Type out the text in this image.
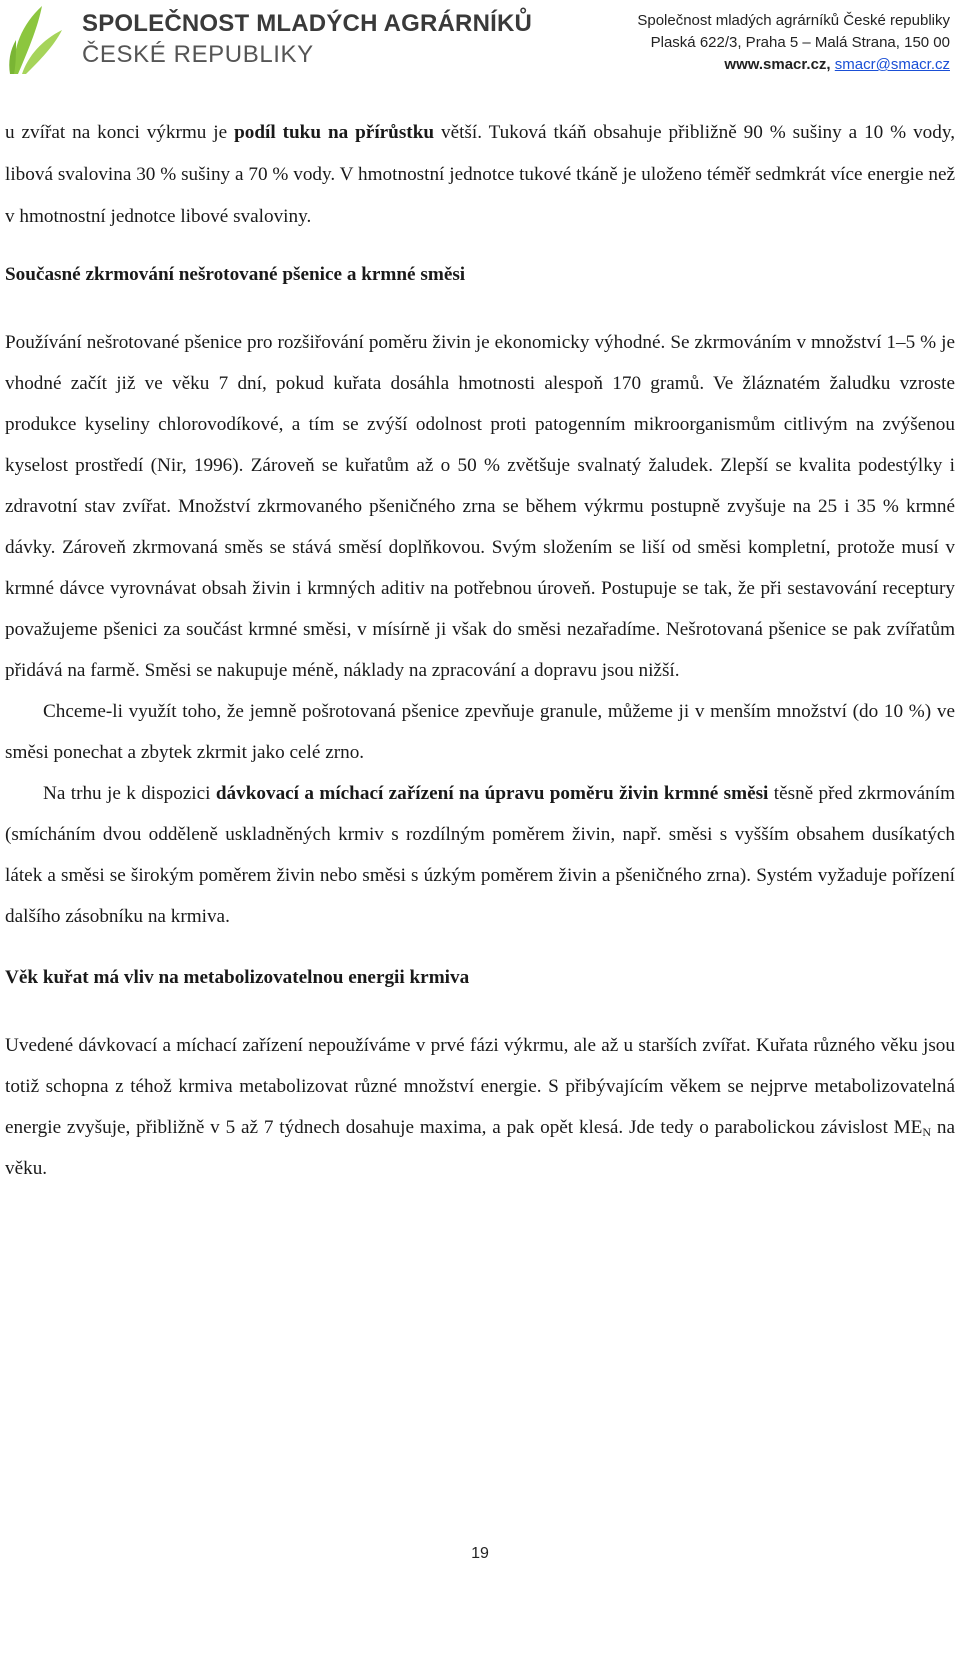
SPOLEČNOST MLADÝCH AGRÁRNÍKŮ
ČESKÉ REPUBLIKY
Společnost mladých agrárníků České republiky
Plaská 622/3, Praha 5 – Malá Strana, 150 00
www.smacr.cz, smacr@smacr.cz

u zvířat na konci výkrmu je podíl tuku na přírůstku větší. Tuková tkáň obsahuje přibližně 90 % sušiny a 10 % vody, libová svalovina 30 % sušiny a 70 % vody. V hmotnostní jednotce tukové tkáně je uloženo téměř sedmkrát více energie než v hmotnostní jednotce libové svaloviny.

Současné zkrmování nešrotované pšenice a krmné směsi

Používání nešrotované pšenice pro rozšiřování poměru živin je ekonomicky výhodné. Se zkrmováním v množství 1–5 % je vhodné začít již ve věku 7 dní, pokud kuřata dosáhla hmotnosti alespoň 170 gramů. Ve žláznatém žaludku vzroste produkce kyseliny chlorovodíkové, a tím se zvýší odolnost proti patogenním mikroorganismům citlivým na zvýšenou kyselost prostředí (Nir, 1996). Zároveň se kuřatům až o 50 % zvětšuje svalnatý žaludek. Zlepší se kvalita podestýlky i zdravotní stav zvířat. Množství zkrmovaného pšeničného zrna se během výkrmu postupně zvyšuje na 25 i 35 % krmné dávky. Zároveň zkrmovaná směs se stává směsí doplňkovou. Svým složením se liší od směsi kompletní, protože musí v krmné dávce vyrovnávat obsah živin i krmných aditiv na potřebnou úroveň. Postupuje se tak, že při sestavování receptury považujeme pšenici za součást krmné směsi, v mísírně ji však do směsi nezařadíme. Nešrotovaná pšenice se pak zvířatům přidává na farmě. Směsi se nakupuje méně, náklady na zpracování a dopravu jsou nižší.

Chceme-li využít toho, že jemně pošrotovaná pšenice zpevňuje granule, můžeme ji v menším množství (do 10 %) ve směsi ponechat a zbytek zkrmit jako celé zrno.

Na trhu je k dispozici dávkovací a míchací zařízení na úpravu poměru živin krmné směsi těsně před zkrmováním (smícháním dvou odděleně uskladněných krmiv s rozdílným poměrem živin, např. směsi s vyšším obsahem dusíkatých látek a směsi se širokým poměrem živin nebo směsi s úzkým poměrem živin a pšeničného zrna). Systém vyžaduje pořízení dalšího zásobníku na krmiva.

Věk kuřat má vliv na metabolizovatelnou energii krmiva

Uvedené dávkovací a míchací zařízení nepoužíváme v prvé fázi výkrmu, ale až u starších zvířat. Kuřata různého věku jsou totiž schopna z téhož krmiva metabolizovat různé množství energie. S přibývajícím věkem se nejprve metabolizovatelná energie zvyšuje, přibližně v 5 až 7 týdnech dosahuje maxima, a pak opět klesá. Jde tedy o parabolickou závislost $ME_N$ na věku.

19
